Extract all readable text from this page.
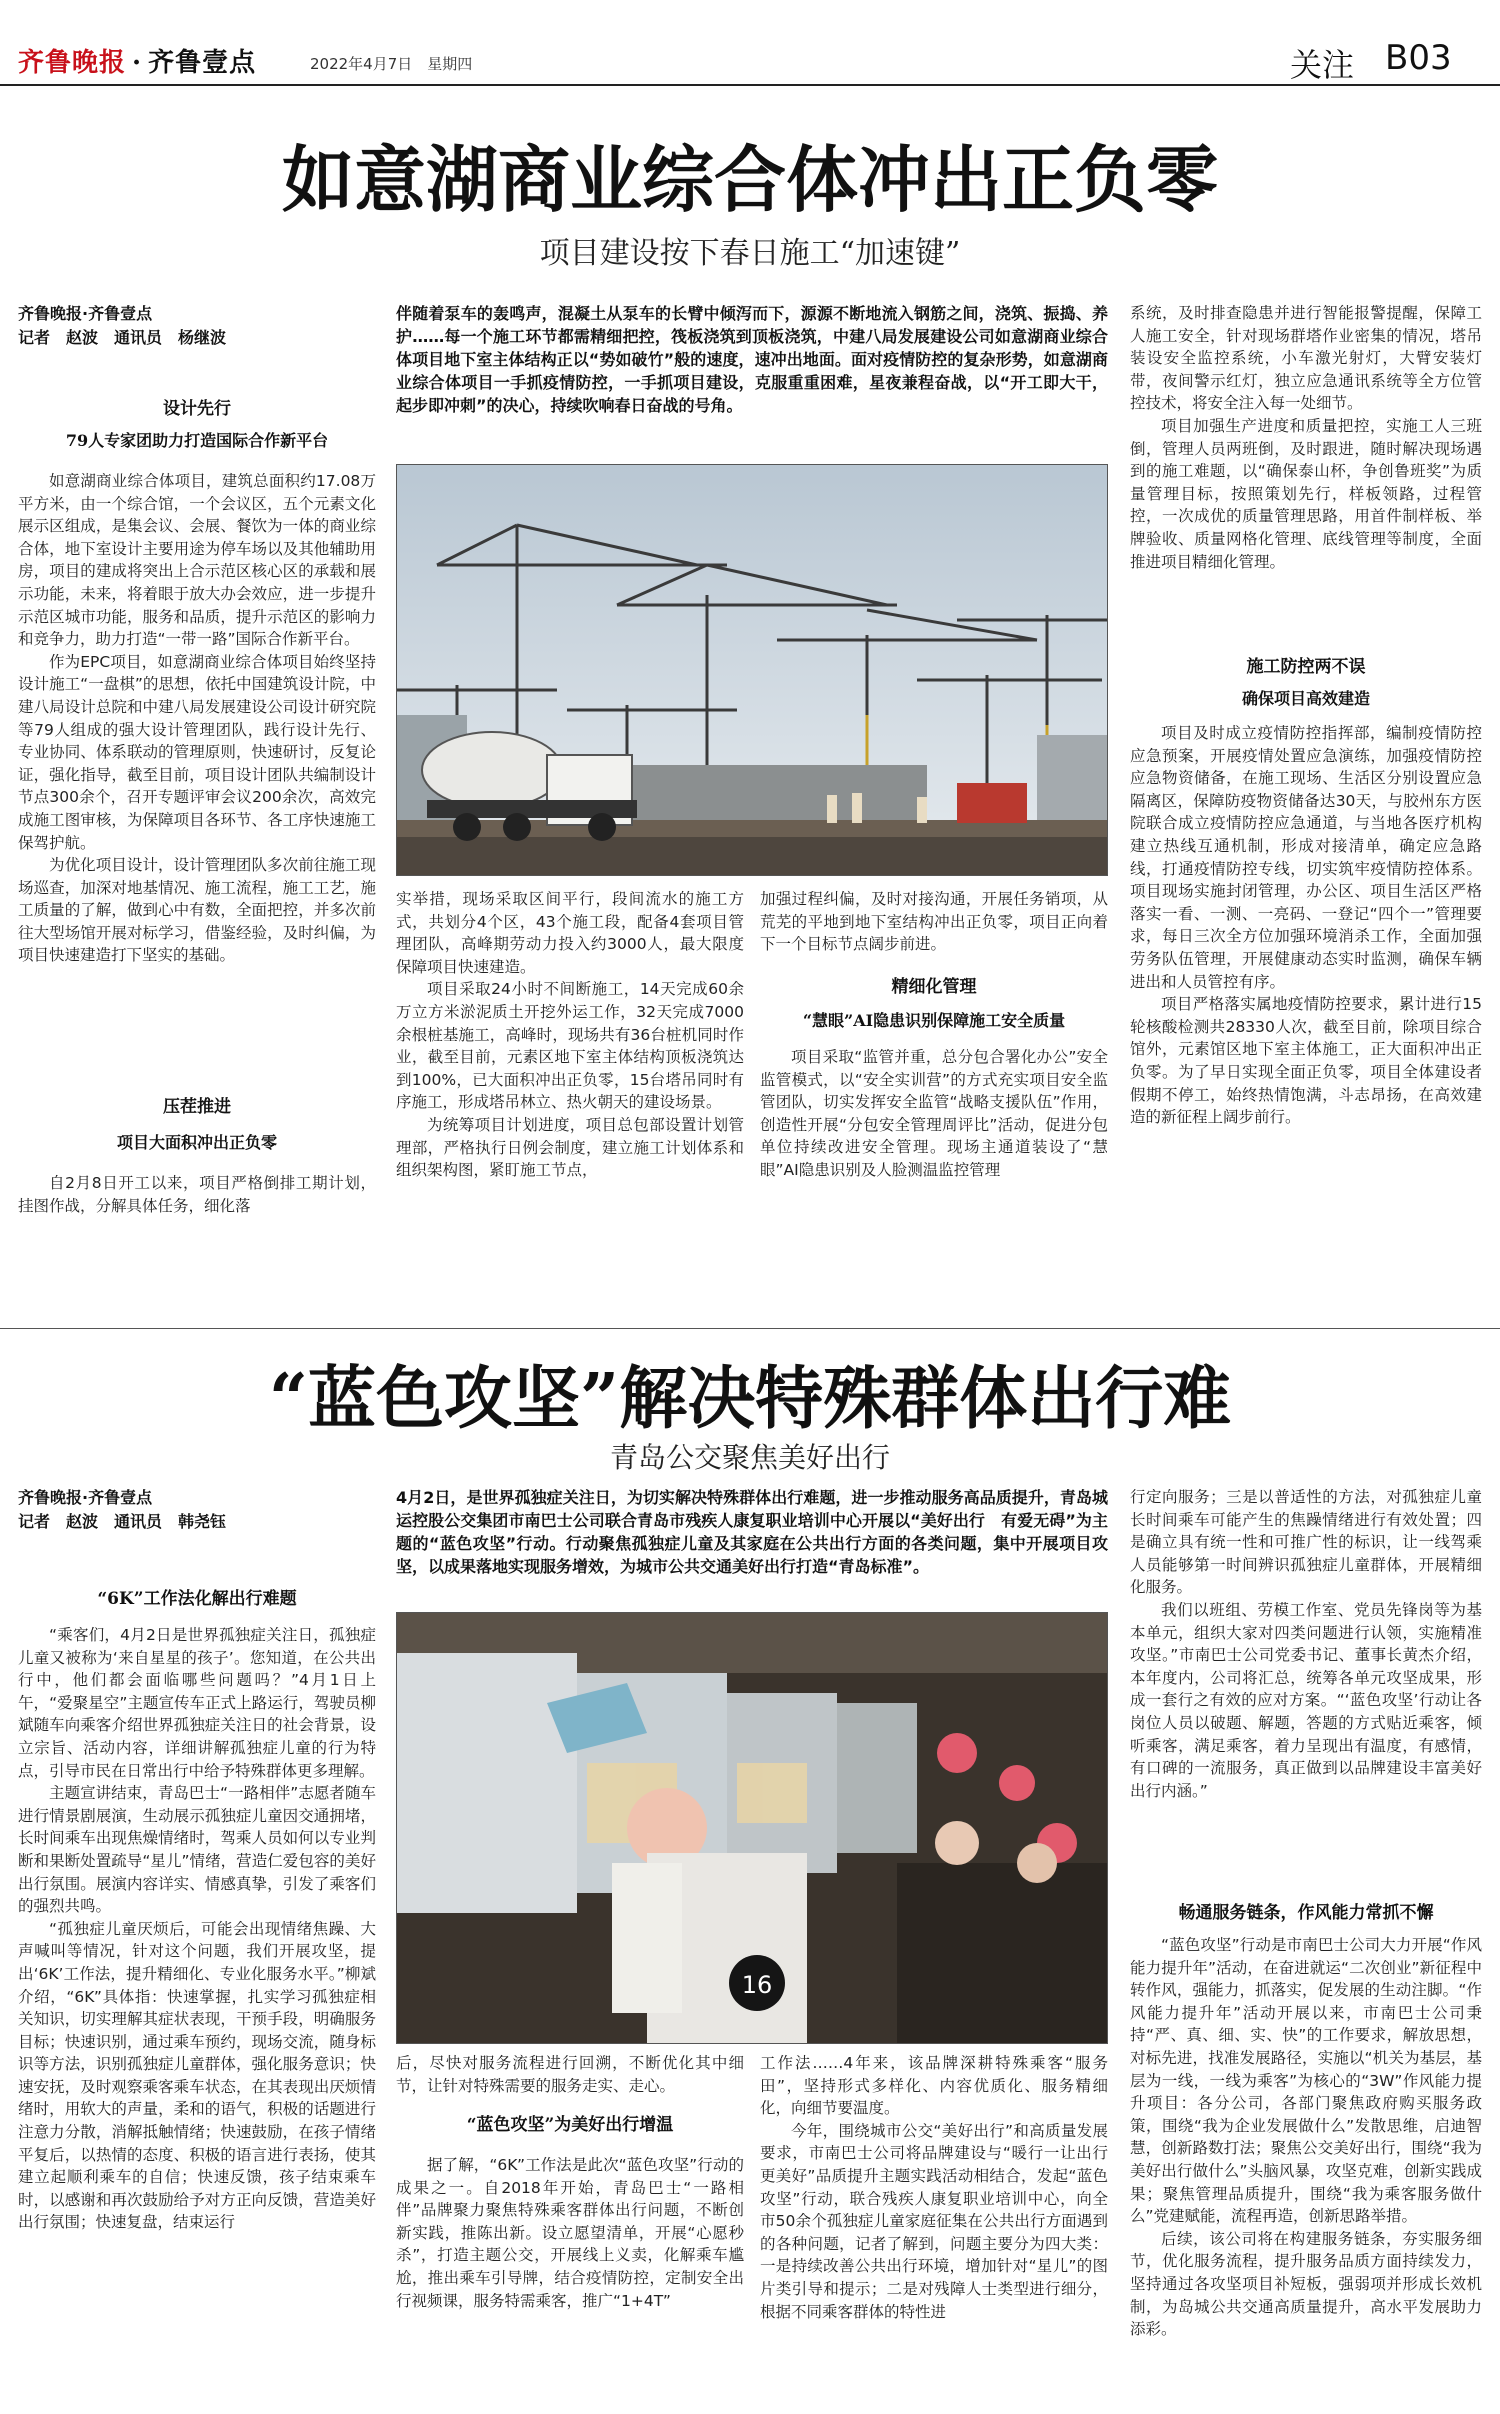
齐鲁晚报 · 齐鲁壹点	2022年4月7日　星期四	关注 B03
如意湖商业综合体冲出正负零
项目建设按下春日施工“加速键”
齐鲁晚报·齐鲁壹点
记者　赵波　通讯员　杨继波
设计先行
79人专家团助力打造国际合作新平台

如意湖商业综合体项目，建筑总面积约17.08万平方米，由一个综合馆，一个会议区，五个元素文化展示区组成，是集会议、会展、餐饮为一体的商业综合体，地下室设计主要用途为停车场以及其他辅助用房，项目的建成将突出上合示范区核心区的承载和展示功能，未来，将着眼于放大办会效应，进一步提升示范区城市功能，服务和品质，提升示范区的影响力和竞争力，助力打造“一带一路”国际合作新平台。

作为EPC项目，如意湖商业综合体项目始终坚持设计施工“一盘棋”的思想，依托中国建筑设计院，中建八局设计总院和中建八局发展建设公司设计研究院等79人组成的强大设计管理团队，践行设计先行、专业协同、体系联动的管理原则，快速研讨，反复论证，强化指导，截至目前，项目设计团队共编制设计节点300余个，召开专题评审会议200余次，高效完成施工图审核，为保障项目各环节、各工序快速施工保驾护航。

为优化项目设计，设计管理团队多次前往施工现场巡查，加深对地基情况、施工流程，施工工艺，施工质量的了解，做到心中有数，全面把控，并多次前往大型场馆开展对标学习，借鉴经验，及时纠偏，为项目快速建造打下坚实的基础。

压茬推进
项目大面积冲出正负零

自2月8日开工以来，项目严格倒排工期计划，挂图作战，分解具体任务，细化落

伴随着泵车的轰鸣声，混凝土从泵车的长臂中倾泻而下，源源不断地流入钢筋之间，浇筑、振捣、养护……每一个施工环节都需精细把控，筏板浇筑到顶板浇筑，中建八局发展建设公司如意湖商业综合体项目地下室主体结构正以“势如破竹”般的速度，速冲出地面。面对疫情防控的复杂形势，如意湖商业综合体项目一手抓疫情防控，一手抓项目建设，克服重重困难，星夜兼程奋战，以“开工即大干，起步即冲刺”的决心，持续吹响春日奋战的号角。

实举措，现场采取区间平行，段间流水的施工方式，共划分4个区，43个施工段，配备4套项目管理团队，高峰期劳动力投入约3000人，最大限度保障项目快速建造。

项目采取24小时不间断施工，14天完成60余万立方米淤泥质土开挖外运工作，32天完成7000余根桩基施工，高峰时，现场共有36台桩机同时作业，截至目前，元素区地下室主体结构顶板浇筑达到100%，已大面积冲出正负零，15台塔吊同时有序施工，形成塔吊林立、热火朝天的建设场景。

为统筹项目计划进度，项目总包部设置计划管理部，严格执行日例会制度，建立施工计划体系和组织架构图，紧盯施工节点，

加强过程纠偏，及时对接沟通，开展任务销项，从荒芜的平地到地下室结构冲出正负零，项目正向着下一个目标节点阔步前进。

精细化管理
“慧眼”AI隐患识别保障施工安全质量

项目采取“监管并重，总分包合署化办公”安全监管模式，以“安全实训营”的方式充实项目安全监管团队，切实发挥安全监管“战略支援队伍”作用，创造性开展“分包安全管理周评比”活动，促进分包单位持续改进安全管理。现场主通道装设了“慧眼”AI隐患识别及人脸测温监控管理

系统，及时排查隐患并进行智能报警提醒，保障工人施工安全，针对现场群塔作业密集的情况，塔吊装设安全监控系统，小车激光射灯，大臂安装灯带，夜间警示红灯，独立应急通讯系统等全方位管控技术，将安全注入每一处细节。

项目加强生产进度和质量把控，实施工人三班倒，管理人员两班倒，及时跟进，随时解决现场遇到的施工难题，以“确保泰山杯，争创鲁班奖”为质量管理目标，按照策划先行，样板领路，过程管控，一次成优的质量管理思路，用首件制样板、举牌验收、质量网格化管理、底线管理等制度，全面推进项目精细化管理。

施工防控两不误
确保项目高效建造

项目及时成立疫情防控指挥部，编制疫情防控应急预案，开展疫情处置应急演练，加强疫情防控应急物资储备，在施工现场、生活区分别设置应急隔离区，保障防疫物资储备达30天，与胶州东方医院联合成立疫情防控应急通道，与当地各医疗机构建立热线互通机制，形成对接清单，确定应急路线，打通疫情防控专线，切实筑牢疫情防控体系。项目现场实施封闭管理，办公区、项目生活区严格落实一看、一测、一亮码、一登记“四个一”管理要求，每日三次全方位加强环境消杀工作，全面加强劳务队伍管理，开展健康动态实时监测，确保车辆进出和人员管控有序。

项目严格落实属地疫情防控要求，累计进行15轮核酸检测共28330人次，截至目前，除项目综合馆外，元素馆区地下室主体施工，正大面积冲出正负零。为了早日实现全面正负零，项目全体建设者假期不停工，始终热情饱满，斗志昂扬，在高效建造的新征程上阔步前行。

“蓝色攻坚”解决特殊群体出行难
青岛公交聚焦美好出行
齐鲁晚报·齐鲁壹点
记者　赵波　通讯员　韩尧钰
“6K”工作法化解出行难题

“乘客们，4月2日是世界孤独症关注日，孤独症儿童又被称为‘来自星星的孩子’。您知道，在公共出行中，他们都会面临哪些问题吗？”4月1日上午，“爱聚星空”主题宣传车正式上路运行，驾驶员柳斌随车向乘客介绍世界孤独症关注日的社会背景，设立宗旨、活动内容，详细讲解孤独症儿童的行为特点，引导市民在日常出行中给予特殊群体更多理解。

主题宣讲结束，青岛巴士“一路相伴”志愿者随车进行情景剧展演，生动展示孤独症儿童因交通拥堵，长时间乘车出现焦燥情绪时，驾乘人员如何以专业判断和果断处置疏导“星儿”情绪，营造仁爱包容的美好出行氛围。展演内容详实、情感真挚，引发了乘客们的强烈共鸣。

“孤独症儿童厌烦后，可能会出现情绪焦躁、大声喊叫等情况，针对这个问题，我们开展攻坚，提出‘6K’工作法，提升精细化、专业化服务水平。”柳斌介绍，“6K”具体指：快速掌握，扎实学习孤独症相关知识，切实理解其症状表现，干预手段，明确服务目标；快速识别，通过乘车预约，现场交流，随身标识等方法，识别孤独症儿童群体，强化服务意识；快速安抚，及时观察乘客乘车状态，在其表现出厌烦情绪时，用软大的声量，柔和的语气，积极的话题进行注意力分散，消解抵触情绪；快速鼓励，在孩子情绪平复后，以热情的态度、积极的语言进行表扬，使其建立起顺利乘车的自信；快速反馈，孩子结束乘车时，以感谢和再次鼓励给予对方正向反馈，营造美好出行氛围；快速复盘，结束运行

4月2日，是世界孤独症关注日，为切实解决特殊群体出行难题，进一步推动服务高品质提升，青岛城运控股公交集团市南巴士公司联合青岛市残疾人康复职业培训中心开展以“美好出行　有爱无碍”为主题的“蓝色攻坚”行动。行动聚焦孤独症儿童及其家庭在公共出行方面的各类问题，集中开展项目攻坚，以成果落地实现服务增效，为城市公共交通美好出行打造“青岛标准”。
16

后，尽快对服务流程进行回溯，不断优化其中细节，让针对特殊需要的服务走实、走心。

“蓝色攻坚”为美好出行增温

据了解，“6K”工作法是此次“蓝色攻坚”行动的成果之一。自2018年开始，青岛巴士“一路相伴”品牌聚力聚焦特殊乘客群体出行问题，不断创新实践，推陈出新。设立愿望清单，开展“心愿秒杀”，打造主题公交，开展线上义卖，化解乘车尴尬，推出乘车引导牌，结合疫情防控，定制安全出行视频课，服务特需乘客，推广“1+4T”

工作法……4年来，该品牌深耕特殊乘客“服务田”，坚持形式多样化、内容优质化、服务精细化，向细节要温度。

今年，围绕城市公交“美好出行”和高质量发展要求，市南巴士公司将品牌建设与“暖行一让出行更美好”品质提升主题实践活动相结合，发起“蓝色攻坚”行动，联合残疾人康复职业培训中心，向全市50余个孤独症儿童家庭征集在公共出行方面遇到的各种问题，记者了解到，问题主要分为四大类：一是持续改善公共出行环境，增加针对“星儿”的图片类引导和提示；二是对残障人士类型进行细分，根据不同乘客群体的特性进

行定向服务；三是以普适性的方法，对孤独症儿童长时间乘车可能产生的焦躁情绪进行有效处置；四是确立具有统一性和可推广性的标识，让一线驾乘人员能够第一时间辨识孤独症儿童群体，开展精细化服务。

我们以班组、劳模工作室、党员先锋岗等为基本单元，组织大家对四类问题进行认领，实施精准攻坚。”市南巴士公司党委书记、董事长黄杰介绍，本年度内，公司将汇总，统筹各单元攻坚成果，形成一套行之有效的应对方案。“‘蓝色攻坚’行动让各岗位人员以破题、解题，答题的方式贴近乘客，倾听乘客，满足乘客，着力呈现出有温度，有感情，有口碑的一流服务，真正做到以品牌建设丰富美好出行内涵。”

畅通服务链条，作风能力常抓不懈

“蓝色攻坚”行动是市南巴士公司大力开展“作风能力提升年”活动，在奋进就运“二次创业”新征程中转作风，强能力，抓落实，促发展的生动注脚。“作风能力提升年”活动开展以来，市南巴士公司秉持“严、真、细、实、快”的工作要求，解放思想，对标先进，找准发展路径，实施以“机关为基层，基层为一线，一线为乘客”为核心的“3W”作风能力提升项目：各分公司，各部门聚焦政府购买服务政策，围绕“我为企业发展做什么”发散思维，启迪智慧，创新路数打法；聚焦公交美好出行，围绕“我为美好出行做什么”头脑风暴，攻坚克难，创新实践成果；聚焦管理品质提升，围绕“我为乘客服务做什么”党建赋能，流程再造，创新思路举措。

后续，该公司将在构建服务链条，夯实服务细节，优化服务流程，提升服务品质方面持续发力，坚持通过各攻坚项目补短板，强弱项并形成长效机制，为岛城公共交通高质量提升，高水平发展助力添彩。
